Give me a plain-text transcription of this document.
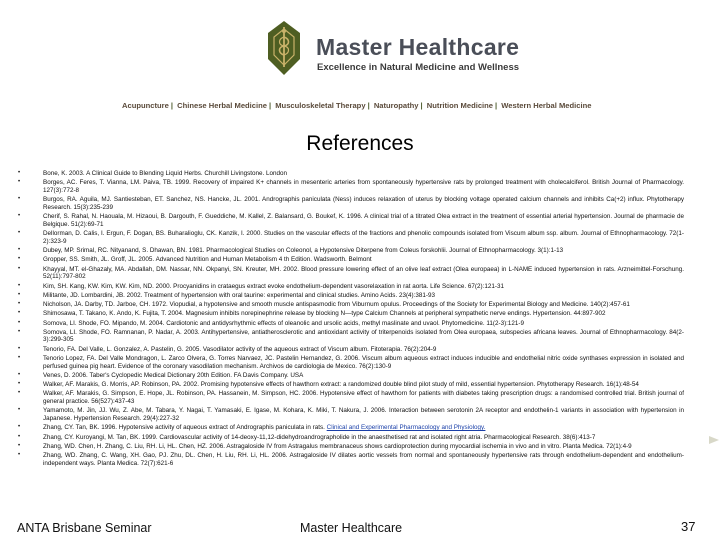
Master Healthcare
Excellence in Natural Medicine and Wellness
Acupuncture | Chinese Herbal Medicine | Musculoskeletal Therapy | Naturopathy | Nutrition Medicine | Western Herbal Medicine
References
•	Bone, K. 2003. A Clinical Guide to Blending Liquid Herbs. Churchill Livingstone. London
•	Borges, AC. Feres, T. Vianna, LM. Paiva, TB. 1999. Recovery of impaired K+ channels in mesenteric arteries from spontaneously hypertensive rats by prolonged treatment with cholecalciferol. British Journal of Pharmacology. 127(3):772-8
•	Burgos, RA. Aguila, MJ. Santiesteban, ET. Sanchez, NS. Hancke, JL. 2001. Andrographis paniculata (Ness) induces relaxation of uterus by blocking voltage operated calcium channels and inhibits Ca(+2) influx. Phytotherapy Research. 15(3):235-239
•	Cherif, S. Rahal, N. Haouala, M. Hizaoui, B. Dargouth, F. Gueddiche, M. Kallel, Z. Balansard, G. Boukef, K. 1996. A clinical trial of a titrated Olea extract in the treatment of essential arterial hypertension. Journal de pharmacie de Belgique. 51(2):69-71
•	Dellorman, D. Calis, I. Ergun, F. Dogan, BS. Buharalioglu, CK. Kanzik, I. 2000. Studies on the vascular effects of the fractions and phenolic compounds isolated from Viscum album ssp. album. Journal of Ethnopharmacology. 72(1-2):323-9
•	Dubey, MP. Srimal, RC. Nityanand, S. Dhawan, BN. 1981. Pharmacological Studies on Coleonol, a Hypotensive Diterpene from Coleus forskohlii. Journal of Ethnopharmacology. 3(1):1-13
•	Gropper, SS. Smith, JL. Groff, JL. 2005. Advanced Nutrition and Human Metabolism 4 th Edition. Wadsworth. Belmont
•	Khayyal, MT. el-Ghazaly, MA. Abdallah, DM. Nassar, NN. Okpanyi, SN. Kreuter, MH. 2002. Blood pressure lowering effect of an olive leaf extract (Olea europaea) in L-NAME induced hypertension in rats. Arzneimittel-Forschung. 52(11):797-802
•	Kim, SH. Kang, KW. Kim, KW. Kim, ND. 2000. Procyanidins in crataegus extract evoke endothelium-dependent vasorelaxation in rat aorta. Life Science. 67(2):121-31
•	Militante, JD. Lombardini, JB. 2002. Treatment of hypertension with oral taurine: experimental and clinical studies. Amino Acids. 23(4):381-93
•	Nicholson, JA. Darby, TD. Jarboe, CH. 1972. Viopudial, a hypotensive and smooth muscle antispasmodic from Viburnum opulus. Proceedings of the Society for Experimental Biology and Medicine. 140(2):457-61
•	Shimosawa, T. Takano, K. Ando, K. Fujita, T. 2004. Magnesium inhibits norepinephrine release by blocking N—type Calcium Channels at peripheral sympathetic nerve endings. Hypertension. 44:897-902
•	Somova, LI. Shode, FO. Mipando, M. 2004. Cardiotonic and antidysrhythmic effects of oleanolic and ursolic acids, methyl maslinate and uvaol. Phytomedicine. 11(2-3):121-9
•	Somova, LI. Shode, FO. Ramnanan, P. Nadar, A. 2003. Antihypertensive, antiatherosclerotic and antioxidant activity of triterpenoids isolated from Olea europaea, subspecies africana leaves. Journal of Ethnopharmacology. 84(2-3):299-305
•	Tenorio, FA. Del Valle, L. Gonzalez, A. Pastelin, G. 2005. Vasodilator activity of the aqueous extract of Viscum album. Fitoterapia. 76(2):204-9
•	Tenorio Lopez, FA. Del Valle Mondragon, L. Zarco Olvera, G. Torres Narvaez, JC. Pastelin Hernandez, G. 2006. Viscum album aqueous extract induces inducible and endothelial nitric oxide synthases expression in isolated and perfused guinea pig heart. Evidence of the coronary vasodilation mechanism. Archivos de cardiologia de Mexico. 76(2):130-9
•	Venes, D. 2006. Taber's Cyclopedic Medical Dictionary 20th Edition. FA Davis Company. USA
•	Walker, AF. Marakis, G. Morris, AP. Robinson, PA. 2002. Promising hypotensive effects of hawthorn extract: a randomized double blind pilot study of mild, essential hypertension. Phytotherapy Research. 16(1):48-54
•	Walker, AF. Marakis, G. Simpson, E. Hope, JL. Robinson, PA. Hassanein, M. Simpson, HC. 2006. Hypotensive effect of hawthorn for patients with diabetes taking prescription drugs: a randomised controlled trial. British journal of general practice. 56(527):437-43
•	Yamamoto, M. Jin, JJ. Wu, Z. Abe, M. Tabara, Y. Nagai, T. Yamasaki, E. Igase, M. Kohara, K. Miki, T. Nakura, J. 2006. Interaction between serotonin 2A receptor and endothelin-1 variants in association with hypertension in Japanese. Hypertension Research. 29(4):227-32
•	Zhang, CY. Tan, BK. 1996. Hypotensive activity of aqueous extract of Andrographis paniculata in rats. Clinical and Experimental Pharmacology and Physiology.
•	Zhang, CY. Kuroyangi, M. Tan, BK. 1999. Cardiovascular activity of 14-deoxy-11,12-didehydroandrographolide in the anaesthetised rat and isolated right atria. Pharmacological Research. 38(6):413-7
•	Zhang, WD. Chen, H. Zhang, C. Liu, RH. Li, HL. Chen, HZ. 2006. Astragaloside IV from Astragalus membranaceus shows cardioprotection during myocardial ischemia in vivo and in vitro. Planta Medica. 72(1):4-9
•	Zhang, WD. Zhang, C. Wang, XH. Gao, PJ. Zhu, DL. Chen, H. Liu, RH. Li, HL. 2006. Astragaloside IV dilates aortic vessels from normal and spontaneously hypertensive rats through endothelium-dependent and endothelium-independent ways. Planta Medica. 72(7):621-6
ANTA Brisbane Seminar	Master Healthcare	37
